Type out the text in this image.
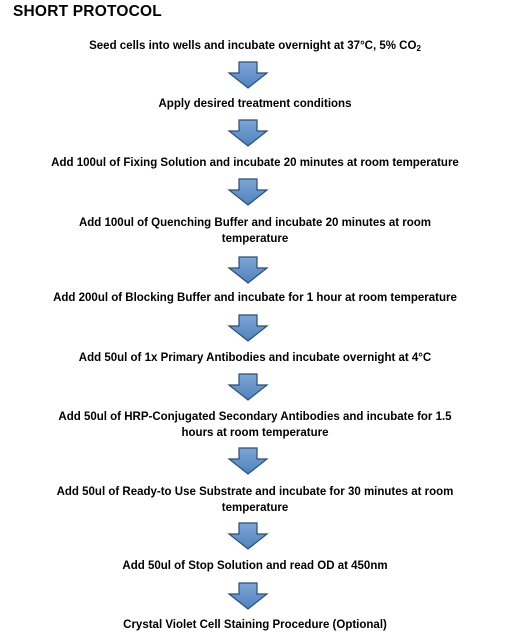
SHORT PROTOCOL
Seed cells into wells and incubate overnight at 37°C, 5% $CO_2$
Apply desired treatment conditions
Add 100ul of Fixing Solution and incubate 20 minutes at room temperature
Add 100ul of Quenching Buffer and incubate 20 minutes at room
temperature
Add 200ul of Blocking Buffer and incubate for 1 hour at room temperature
Add 50ul of 1x Primary Antibodies and incubate overnight at 4°C
Add 50ul of HRP-Conjugated Secondary Antibodies and incubate for 1.5
hours at room temperature
Add 50ul of Ready-to Use Substrate and incubate for 30 minutes at room
temperature
Add 50ul of Stop Solution and read OD at 450nm
Crystal Violet Cell Staining Procedure (Optional)
